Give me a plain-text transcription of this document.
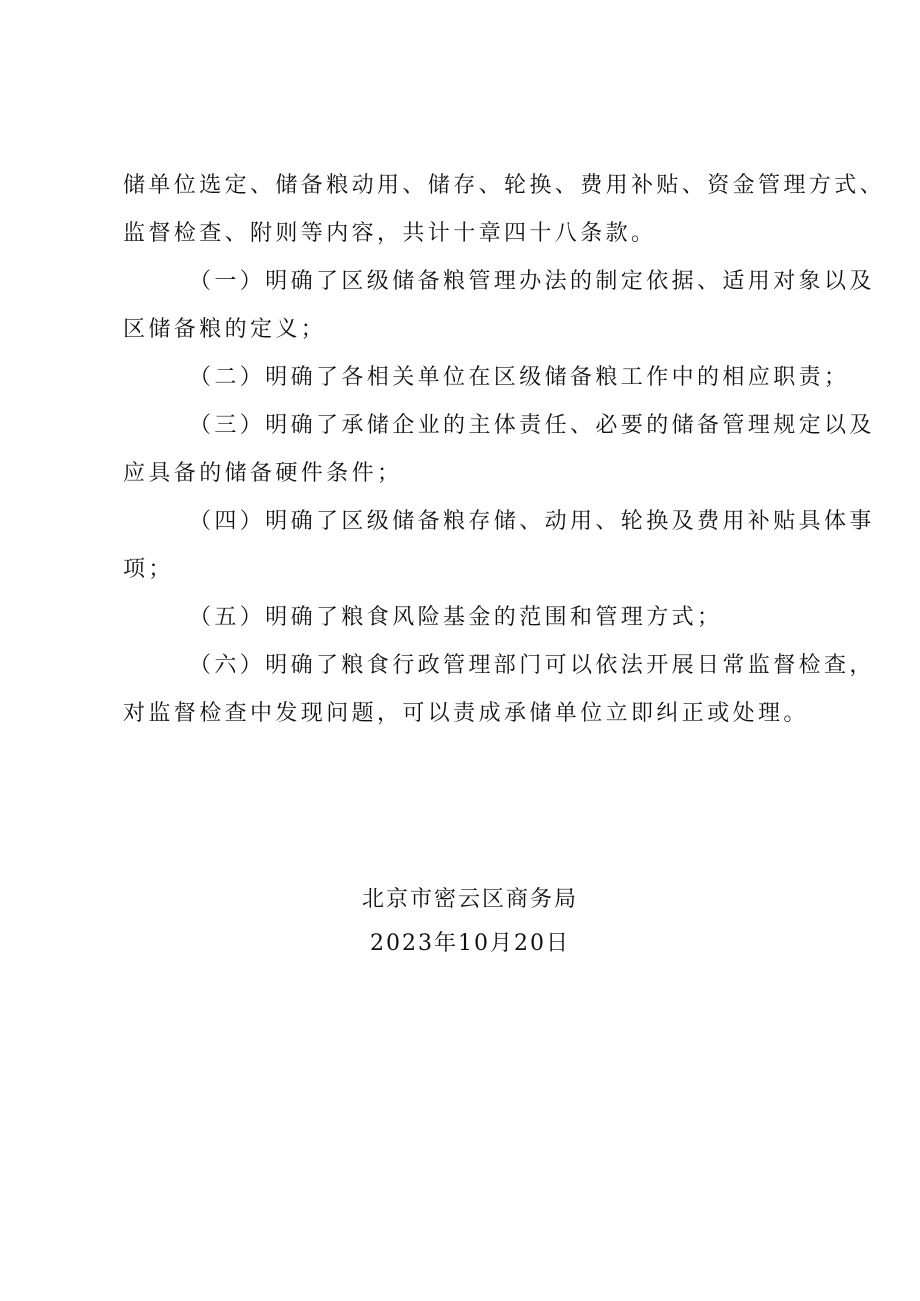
储单位选定、储备粮动用、储存、轮换、费用补贴、资金管理方式、
监督检查、附则等内容，共计十章四十八条款。
（一）明确了区级储备粮管理办法的制定依据、适用对象以及
区储备粮的定义；
（二）明确了各相关单位在区级储备粮工作中的相应职责；
（三）明确了承储企业的主体责任、必要的储备管理规定以及
应具备的储备硬件条件；
（四）明确了区级储备粮存储、动用、轮换及费用补贴具体事
项；
（五）明确了粮食风险基金的范围和管理方式；
（六）明确了粮食行政管理部门可以依法开展日常监督检查，
对监督检查中发现问题，可以责成承储单位立即纠正或处理。
北京市密云区商务局
2023年10月20日
